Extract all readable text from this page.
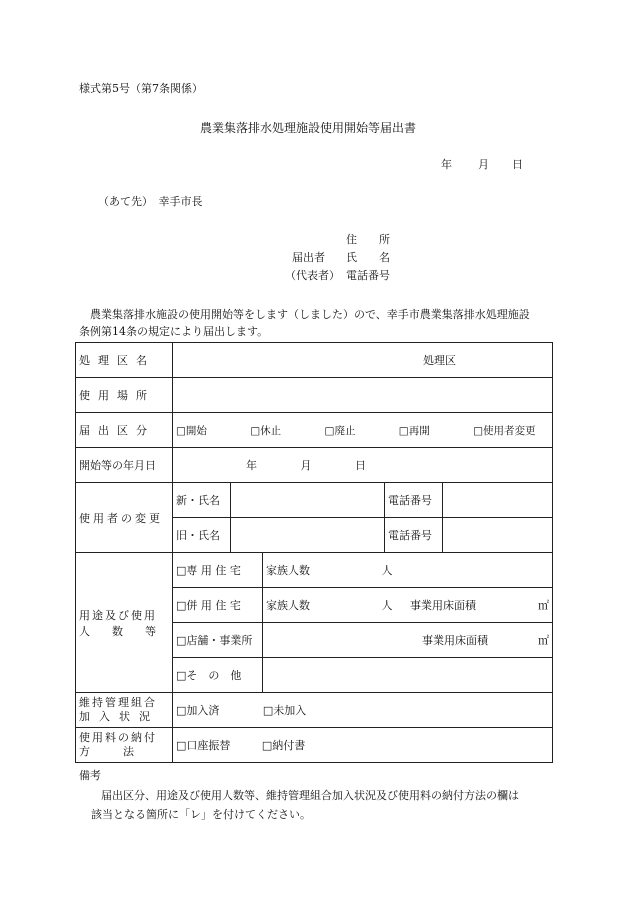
様式第5号（第7条関係）
農業集落排水処理施設使用開始等届出書
年 月 日
（あて先）　幸手市長
住　　所
届出者 氏　　名
（代表者） 電話番号
農業集落排水施設の使用開始等をします（しました）ので、幸手市農業集落排水処理施設
条例第14条の規定により届出します。
処理区名	処理区				
使用場所					
届出区分	□開始 □休止 □廃止 □再開 □使用者変更				
開始等の年月日	年 月 日				
使用者の変更	新・氏名			電話番号	
	旧・氏名			電話番号	

用途及び使用
人　　数　　等	□専 用 住 宅		家族人数 人		
	□併 用 住 宅		家族人数 人 事業用床面積 ㎡		

	□店舗・事業所		事業用床面積 ㎡		

	□そ　の　他				

維持管理組合
加入状況	□加入済 □未加入				

使用料の納付
方　　　法	□口座振替 □納付書				
備考
届出区分、用途及び使用人数等、維持管理組合加入状況及び使用料の納付方法の欄は
該当となる箇所に「レ」を付けてください。
